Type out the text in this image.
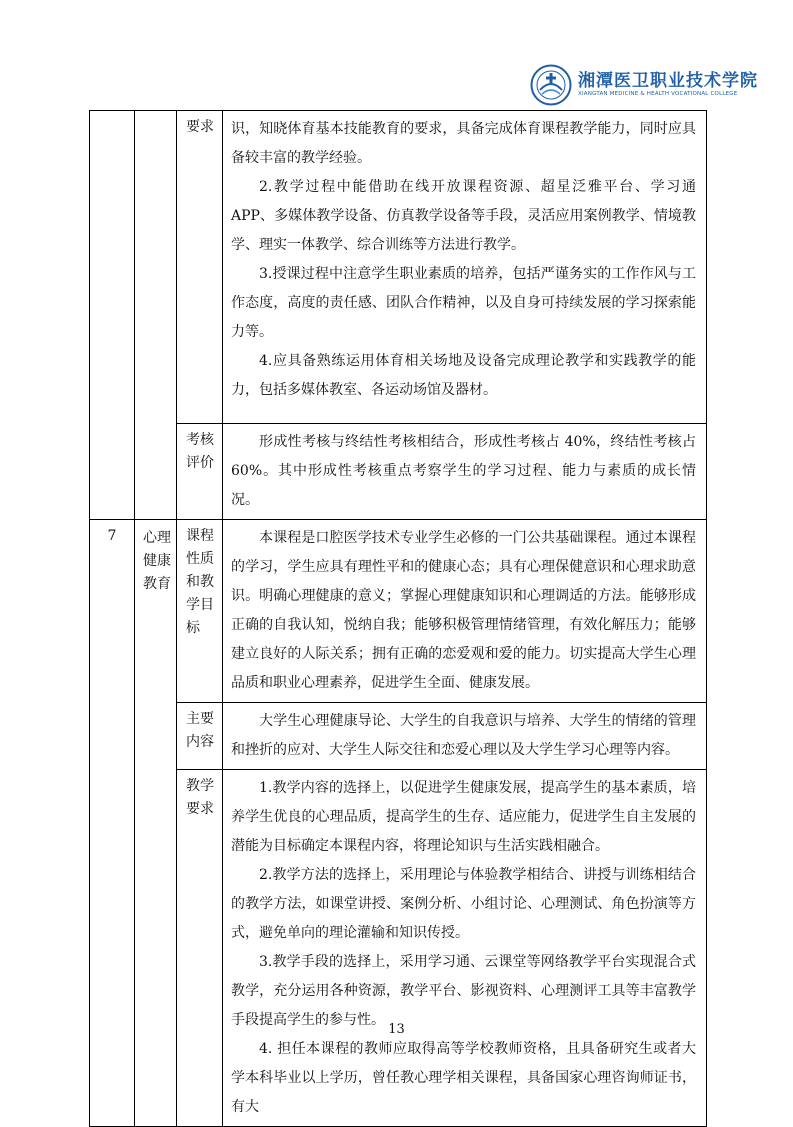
湘潭医卫职业技术学院
XIANGTAN MEDICINE & HEALTH VOCATIONAL COLLEGE

		要求	识，知晓体育基本技能教育的要求，具备完成体育课程教学能力，同时应具备较丰富的教学经验。

2.教学过程中能借助在线开放课程资源、超星泛雅平台、学习通 APP、多媒体教学设备、仿真教学设备等手段，灵活应用案例教学、情境教学、理实一体教学、综合训练等方法进行教学。

3.授课过程中注意学生职业素质的培养，包括严谨务实的工作作风与工作态度，高度的责任感、团队合作精神，以及自身可持续发展的学习探索能力等。

4.应具备熟练运用体育相关场地及设备完成理论教学和实践教学的能力，包括多媒体教室、各运动场馆及器材。

		考核评价	形成性考核与终结性考核相结合，形成性考核占 40%，终结性考核占 60%。其中形成性考核重点考察学生的学习过程、能力与素质的成长情况。

7	心理健康教育	课程性质和教学目标	本课程是口腔医学技术专业学生必修的一门公共基础课程。通过本课程的学习，学生应具有理性平和的健康心态；具有心理保健意识和心理求助意识。明确心理健康的意义；掌握心理健康知识和心理调适的方法。能够形成正确的自我认知，悦纳自我；能够积极管理情绪管理，有效化解压力；能够建立良好的人际关系；拥有正确的恋爱观和爱的能力。切实提高大学生心理品质和职业心理素养，促进学生全面、健康发展。

		主要内容	大学生心理健康导论、大学生的自我意识与培养、大学生的情绪的管理和挫折的应对、大学生人际交往和恋爱心理以及大学生学习心理等内容。

		教学要求	1.教学内容的选择上，以促进学生健康发展，提高学生的基本素质，培养学生优良的心理品质，提高学生的生存、适应能力，促进学生自主发展的潜能为目标确定本课程内容，将理论知识与生活实践相融合。

2.教学方法的选择上，采用理论与体验教学相结合、讲授与训练相结合的教学方法，如课堂讲授、案例分析、小组讨论、心理测试、角色扮演等方式，避免单向的理论灌输和知识传授。

3.教学手段的选择上，采用学习通、云课堂等网络教学平台实现混合式教学，充分运用各种资源，教学平台、影视资料、心理测评工具等丰富教学手段提高学生的参与性。

4. 担任本课程的教师应取得高等学校教师资格，且具备研究生或者大学本科毕业以上学历，曾任教心理学相关课程，具备国家心理咨询师证书，有大

13
